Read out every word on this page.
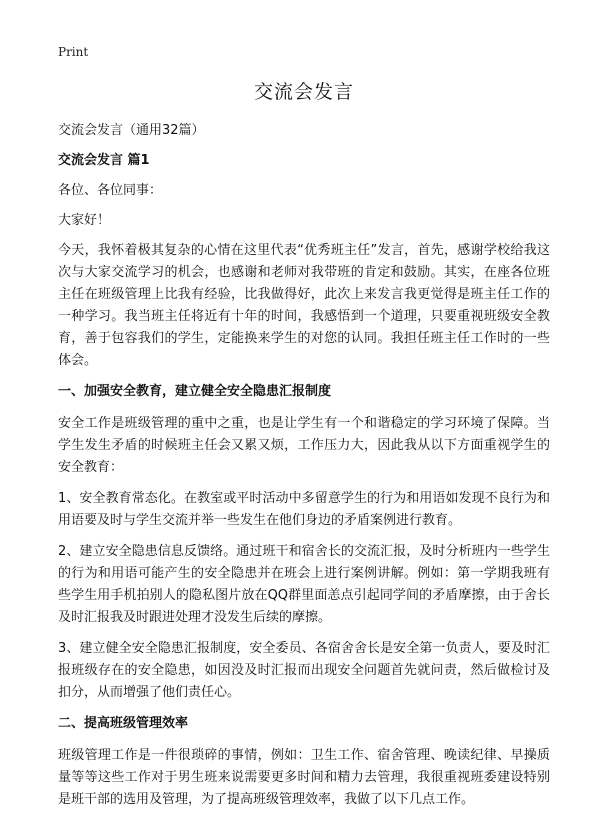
Print
交流会发言

交流会发言（通用32篇）

交流会发言 篇1

各位、各位同事：

大家好！

今天，我怀着极其复杂的心情在这里代表“优秀班主任”发言，首先，感谢学校给我这次与大家交流学习的机会，也感谢和老师对我带班的肯定和鼓励。其实，在座各位班主任在班级管理上比我有经验，比我做得好，此次上来发言我更觉得是班主任工作的一种学习。我当班主任将近有十年的时间，我感悟到一个道理，只要重视班级安全教育，善于包容我们的学生，定能换来学生的对您的认同。我担任班主任工作时的一些体会。

一、加强安全教育，建立健全安全隐患汇报制度

安全工作是班级管理的重中之重，也是让学生有一个和谐稳定的学习环境了保障。当学生发生矛盾的时候班主任会又累又烦，工作压力大，因此我从以下方面重视学生的安全教育：

1、安全教育常态化。在教室或平时活动中多留意学生的行为和用语如发现不良行为和用语要及时与学生交流并举一些发生在他们身边的矛盾案例进行教育。

2、建立安全隐患信息反馈络。通过班干和宿舍长的交流汇报，及时分析班内一些学生的行为和用语可能产生的安全隐患并在班会上进行案例讲解。例如：第一学期我班有些学生用手机拍别人的隐私图片放在QQ群里面恙点引起同学间的矛盾摩擦，由于舍长及时汇报我及时跟进处理才没发生后续的摩擦。

3、建立健全安全隐患汇报制度，安全委员、各宿舍舍长是安全第一负责人，要及时汇报班级存在的安全隐患，如因没及时汇报而出现安全问题首先就问责，然后做检讨及扣分，从而增强了他们责任心。

二、提高班级管理效率

班级管理工作是一件很琐碎的事情，例如：卫生工作、宿舍管理、晚读纪律、早操质量等等这些工作对于男生班来说需要更多时间和精力去管理，我很重视班委建设特别是班干部的选用及管理，为了提高班级管理效率，我做了以下几点工作。
